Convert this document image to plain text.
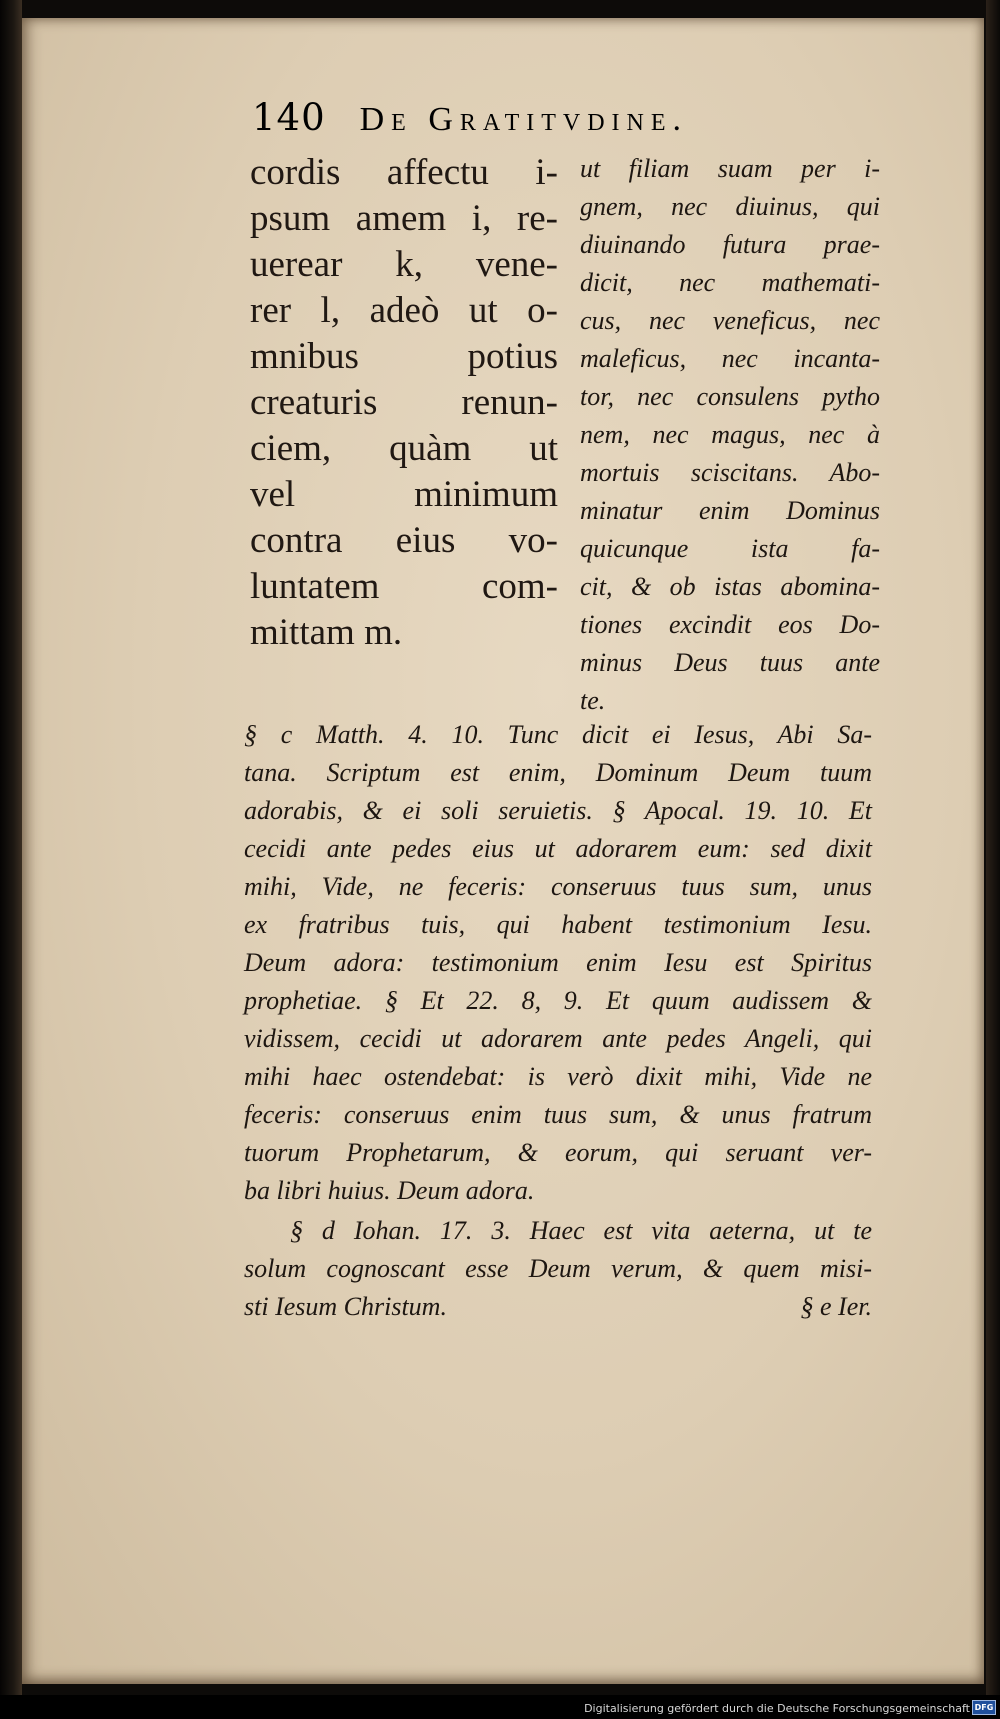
140 De Gratitvdine.
cordis affectu i-
psum amem i, re-
uerear k, vene-
rer l, adeò ut o-
mnibus potius
creaturis renun-
ciem, quàm ut
vel minimum
contra eius vo-
luntatem com-
mittam m.
ut filiam suam per i-
gnem, nec diuinus, qui
diuinando futura prae-
dicit, nec mathemati-
cus, nec veneficus, nec
maleficus, nec incanta-
tor, nec consulens pytho
nem, nec magus, nec à
mortuis sciscitans. Abo-
minatur enim Dominus
quicunque ista fa-
cit, & ob istas abomina-
tiones excindit eos Do-
minus Deus tuus ante
te.
§ c Matth. 4. 10. Tunc dicit ei Iesus, Abi Sa-
tana. Scriptum est enim, Dominum Deum tuum
adorabis, & ei soli seruietis. § Apocal. 19. 10. Et
cecidi ante pedes eius ut adorarem eum: sed dixit
mihi, Vide, ne feceris: conseruus tuus sum, unus
ex fratribus tuis, qui habent testimonium Iesu.
Deum adora: testimonium enim Iesu est Spiritus
prophetiae. § Et 22. 8, 9. Et quum audissem &
vidissem, cecidi ut adorarem ante pedes Angeli, qui
mihi haec ostendebat: is verò dixit mihi, Vide ne
feceris: conseruus enim tuus sum, & unus fratrum
tuorum Prophetarum, & eorum, qui seruant ver-
ba libri huius. Deum adora.
§ d Iohan. 17. 3. Haec est vita aeterna, ut te
solum cognoscant esse Deum verum, & quem misi-
sti Iesum Christum.	§ e Ier.
Digitalisierung gefördert durch die Deutsche Forschungsgemeinschaft DFG
